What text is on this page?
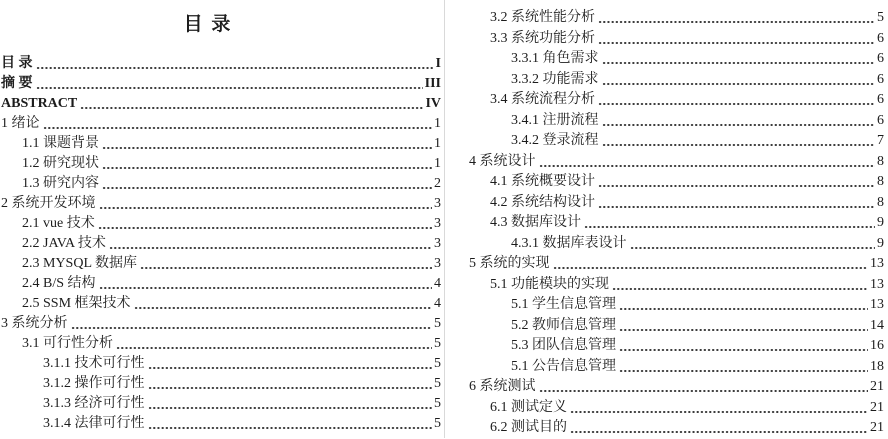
目 录
目 录	I
摘 要	III
ABSTRACT	IV
1 绪论	1
1.1 课题背景	1
1.2 研究现状	1
1.3 研究内容	2
2 系统开发环境	3
2.1 vue 技术	3
2.2 JAVA 技术	3
2.3 MYSQL 数据库	3
2.4 B/S 结构	4
2.5 SSM 框架技术	4
3 系统分析	5
3.1 可行性分析	5
3.1.1 技术可行性	5
3.1.2 操作可行性	5
3.1.3 经济可行性	5
3.1.4 法律可行性	5
3.2 系统性能分析	5
3.3 系统功能分析	6
3.3.1 角色需求	6
3.3.2 功能需求	6
3.4 系统流程分析	6
3.4.1 注册流程	6
3.4.2 登录流程	7
4 系统设计	8
4.1 系统概要设计	8
4.2 系统结构设计	8
4.3 数据库设计	9
4.3.1 数据库表设计	9
5 系统的实现	13
5.1 功能模块的实现	13
5.1 学生信息管理	13
5.2 教师信息管理	14
5.3 团队信息管理	16
5.1 公告信息管理	18
6 系统测试	21
6.1 测试定义	21
6.2 测试目的	21
